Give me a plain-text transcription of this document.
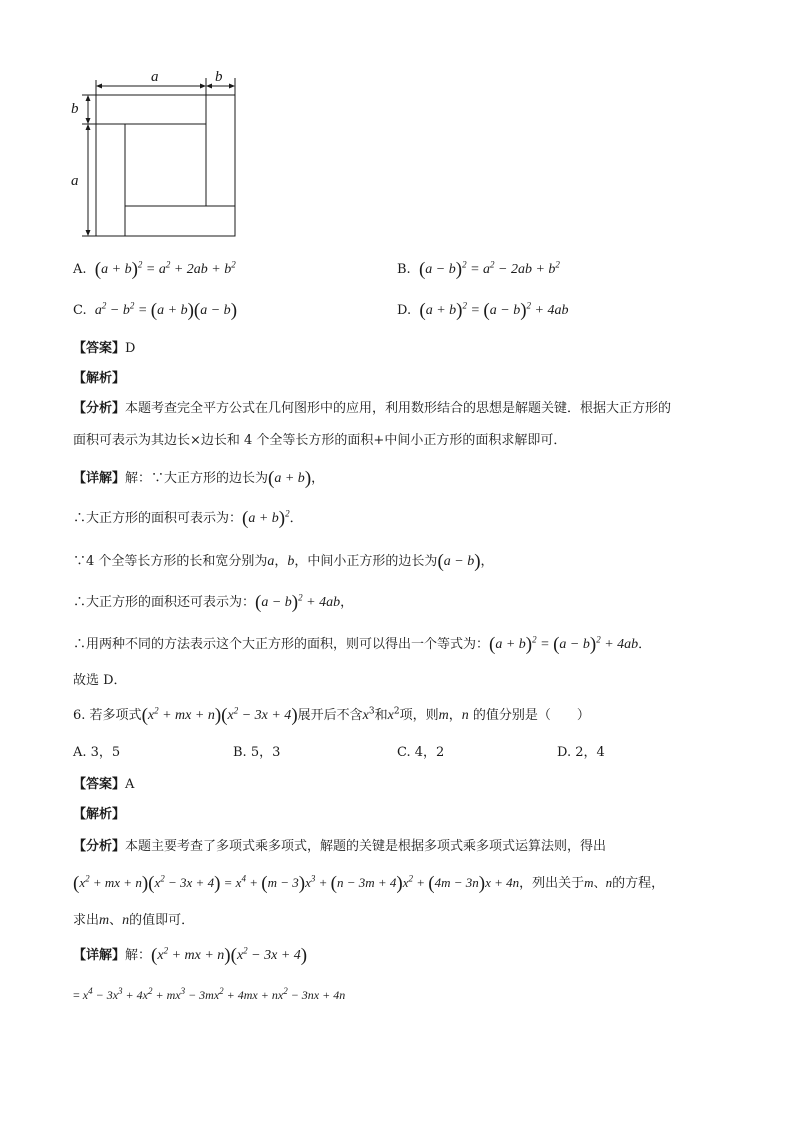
a	b
b
a
A. $(a + b)^2 = a^2 + 2ab + b^2$	B. $(a - b)^2 = a^2 - 2ab + b^2$
C. $a^2 - b^2 = (a + b)(a - b)$	D. $(a + b)^2 = (a - b)^2 + 4ab$
【答案】D
【解析】
【分析】本题考查完全平方公式在几何图形中的应用，利用数形结合的思想是解题关键．根据大正方形的
面积可表示为其边长×边长和 4 个全等长方形的面积+中间小正方形的面积求解即可．
【详解】解：∵大正方形的边长为(a + b)，
∴大正方形的面积可表示为：$(a + b)^2$．
∵4 个全等长方形的长和宽分别为a，b，中间小正方形的边长为(a − b)，
∴大正方形的面积还可表示为：$(a - b)^2 + 4ab$，
∴用两种不同的方法表示这个大正方形的面积，则可以得出一个等式为：$(a + b)^2 = (a - b)^2 + 4ab$．
故选 D．
6. 若多项式($x^2$ + mx + $n)(x^2 - 3x + 4)$展开后不含$x^3$和$x^2$项，则m，n 的值分别是（　　）
A. 3，5	B. 5，3	C. 4，2	D. 2，4
【答案】A
【解析】
【分析】本题主要考查了多项式乘多项式，解题的关键是根据多项式乘多项式运算法则，得出
($x^2$ + mx + $n)(x^2 - 3x + 4) = x^4 + (m - 3)x^3 + (n - 3m + 4)x^2 + (4m - 3n)x + 4n$，列出关于m、n的方程，
求出m、n的值即可．
【详解】解：($x^2$ + mx + $n)(x^2 - 3x + 4)$
= $x^4 - 3x^3 + 4x^2 + mx^3 - 3mx^2 + 4mx + nx^2 - 3nx + 4n$
